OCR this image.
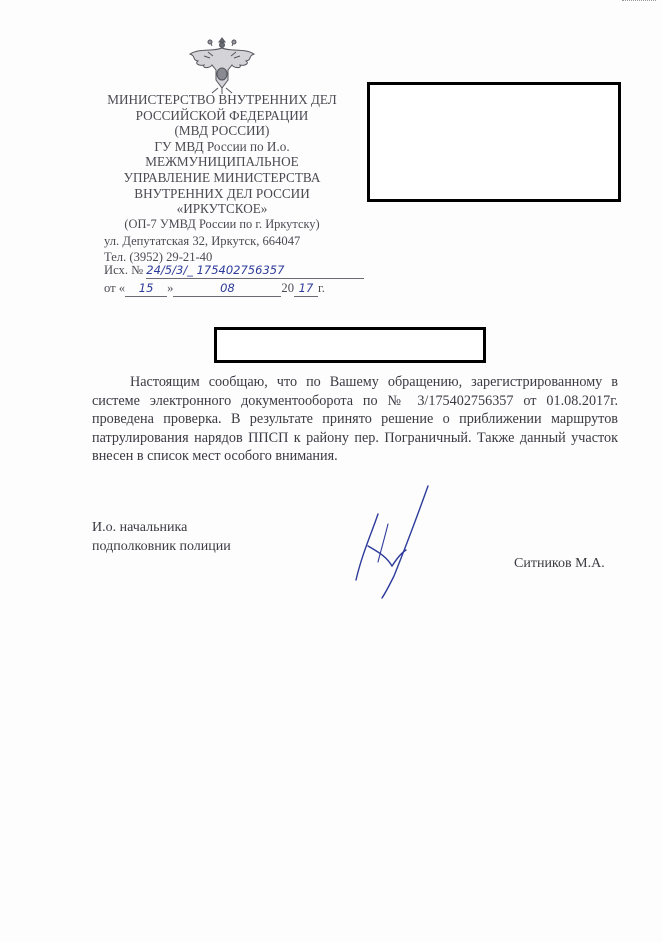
МИНИСТЕРСТВО ВНУТРЕННИХ ДЕЛ
РОССИЙСКОЙ ФЕДЕРАЦИИ
(МВД РОССИИ)
ГУ МВД России по И.о.
МЕЖМУНИЦИПАЛЬНОЕ
УПРАВЛЕНИЕ МИНИСТЕРСТВА
ВНУТРЕННИХ ДЕЛ РОССИИ
«ИРКУТСКОЕ»
(ОП-7 УМВД России по г. Иркутску)
ул. Депутатская 32, Иркутск, 664047
Тел. (3952) 29-21-40
Исх. № 24/5/3/_ 175402756357
от « 15 »	08	20 17 г.
Настоящим сообщаю, что по Вашему обращению, зарегистрированному в системе электронного документооборота по № 3/175402756357 от 01.08.2017г. проведена проверка. В результате принято решение о приближении маршрутов патрулирования нарядов ППСП к району пер. Пограничный. Также данный участок внесен в список мест особого внимания.
И.о. начальника
подполковник полиции
Ситников М.А.
